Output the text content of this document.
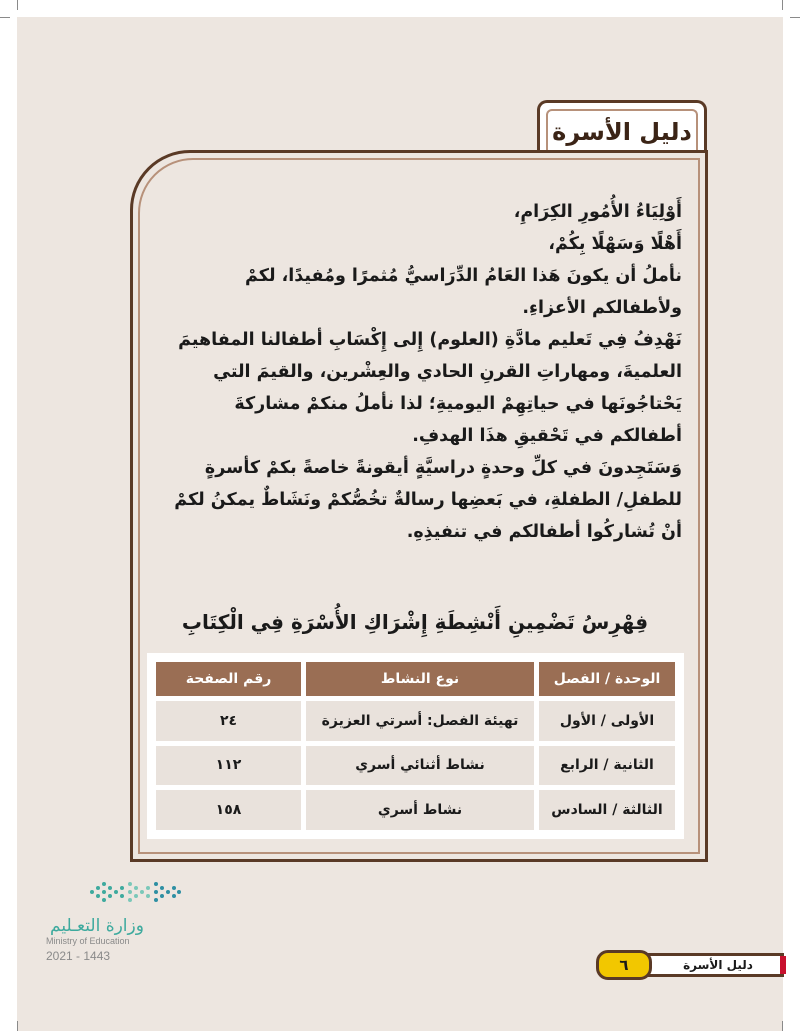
دليل الأسرة

أَوْلِيَاءُ الأُمُورِ الكِرَامِ،

أَهْلًا وَسَهْلًا بِكُمْ،

نأملُ أن يكونَ هَذا العَامُ الدِّرَاسيُّ مُثمرًا ومُفيدًا، لكمْ ولأطفالكم الأعزاءِ.

نَهْدِفُ فِي تَعليم مادَّةِ (العلوم) إِلى إِكْسَابِ أطفالنا المفاهيمَ العلميةَ، ومهاراتِ القرنِ الحادي والعِشْرين، والقيمَ التي يَحْتاجُونَها في حياتِهِمْ اليوميةِ؛ لذا نأملُ منكمْ مشاركةَ أطفالكم في تَحْقيقِ هذَا الهدفِ.

وَسَتَجِدونَ في كلِّ وحدةٍ دراسيَّةٍ أيقونةً خاصةً بكمْ كأسرةٍ للطفلِ/ الطفلةِ، في بَعضِها رسالةٌ تخُصُّكمْ ونَشَاطٌ يمكنُ لكمْ أنْ تُشاركُوا أطفالكم في تنفيذِهِ.

فِهْرِسُ تَضْمِينِ أَنْشِطَةِ إِشْرَاكِ الأُسْرَةِ فِي الْكِتَابِ
الوحدة / الفصل	نوع النشاط	رقم الصفحة
الأولى / الأول	تهيئة الفصل: أسرتي العزيزة	٢٤
الثانية / الرابع	نشاط أثنائي أسري	١١٢
الثالثة / السادس	نشاط أسري	١٥٨
وزارة التعـليم
Ministry of Education
2021 - 1443
دليل الأسرة
٦
